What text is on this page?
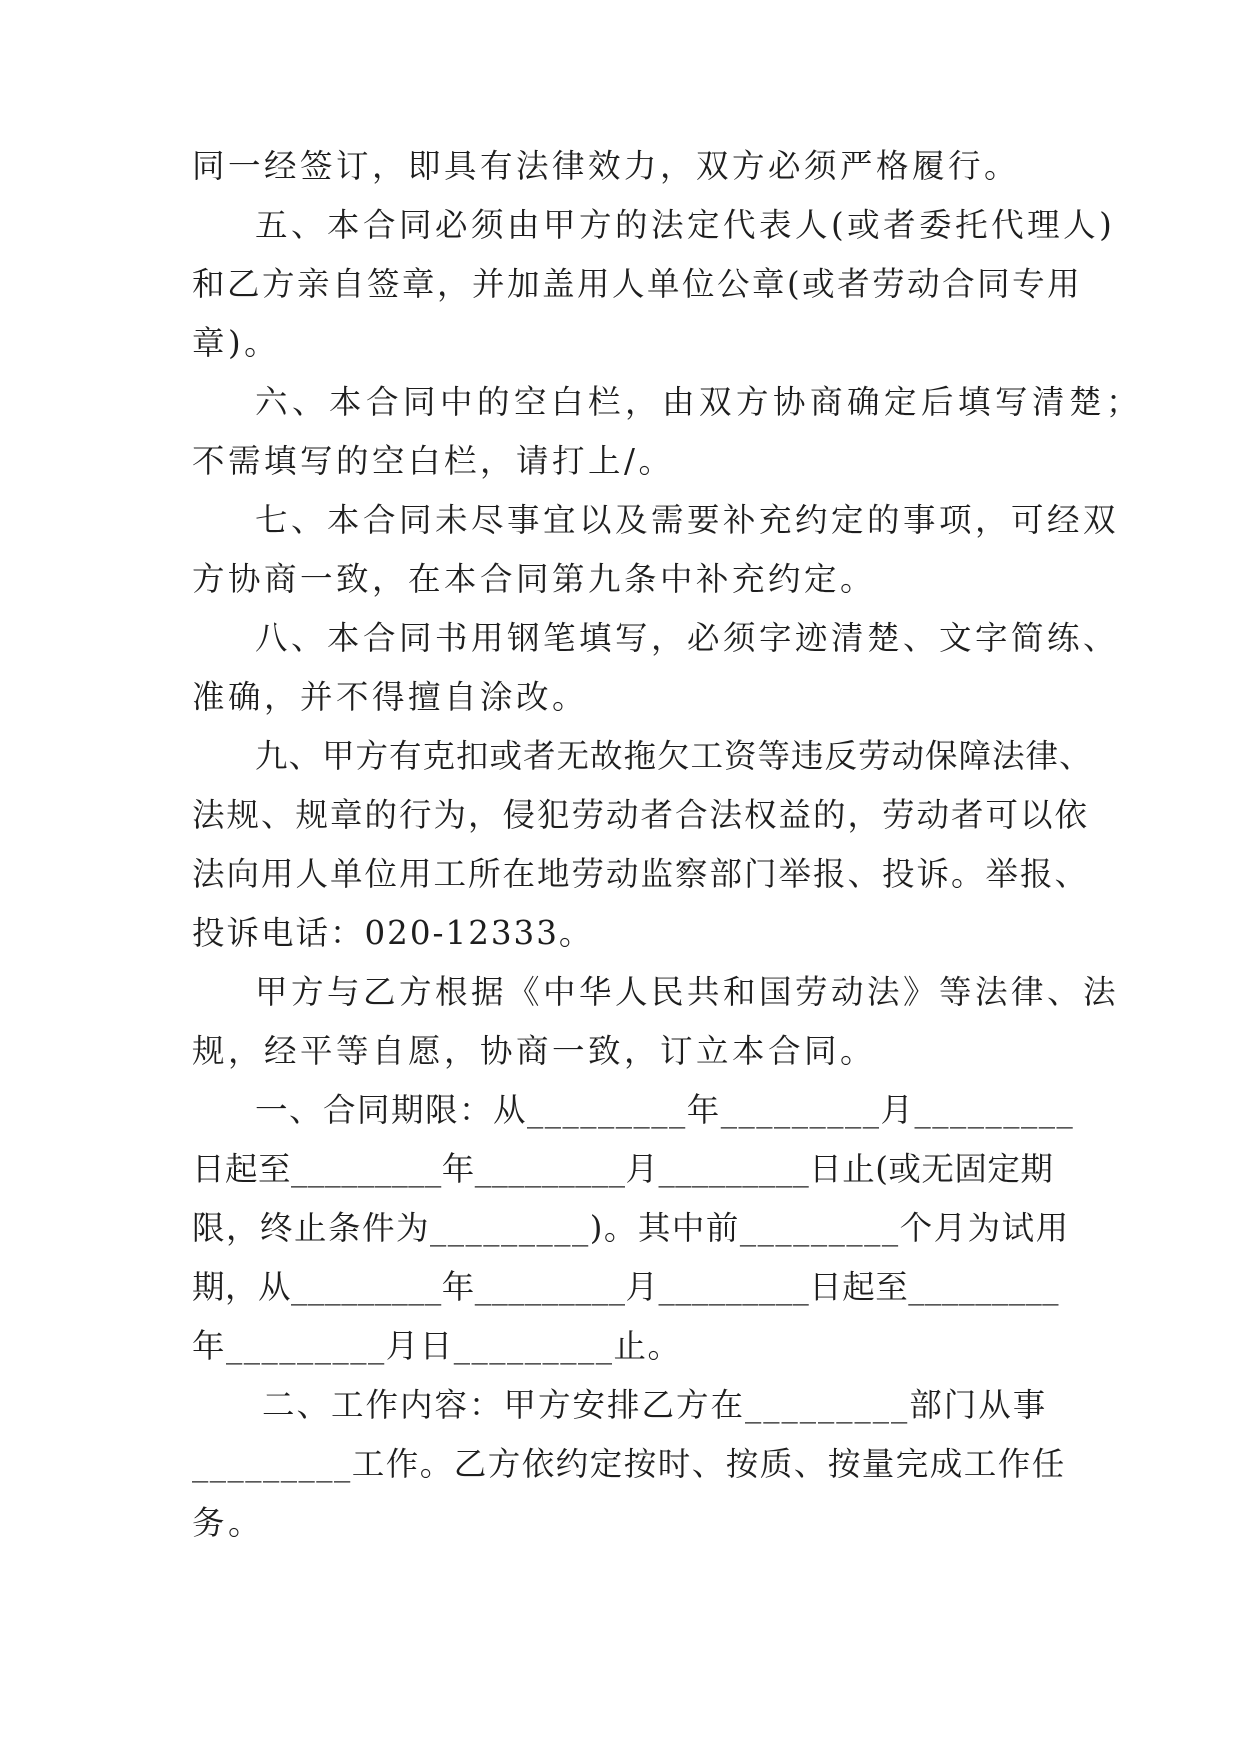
同一经签订，即具有法律效力，双方必须严格履行。

五、本合同必须由甲方的法定代表人(或者委托代理人)

和乙方亲自签章，并加盖用人单位公章(或者劳动合同专用

章)。

六、本合同中的空白栏，由双方协商确定后填写清楚；

不需填写的空白栏，请打上/。

七、本合同未尽事宜以及需要补充约定的事项，可经双

方协商一致，在本合同第九条中补充约定。

八、本合同书用钢笔填写，必须字迹清楚、文字简练、

准确，并不得擅自涂改。

九、甲方有克扣或者无故拖欠工资等违反劳动保障法律、

法规、规章的行为，侵犯劳动者合法权益的，劳动者可以依

法向用人单位用工所在地劳动监察部门举报、投诉。举报、

投诉电话：020-12333。

甲方与乙方根据《中华人民共和国劳动法》等法律、法

规，经平等自愿，协商一致，订立本合同。

一、合同期限：从_________年_________月_________

日起至_________年_________月_________日止(或无固定期

限，终止条件为_________)。其中前_________个月为试用

期，从_________年_________月_________日起至_________

年_________月日_________止。

二、工作内容：甲方安排乙方在_________部门从事

_________工作。乙方依约定按时、按质、按量完成工作任

务。
